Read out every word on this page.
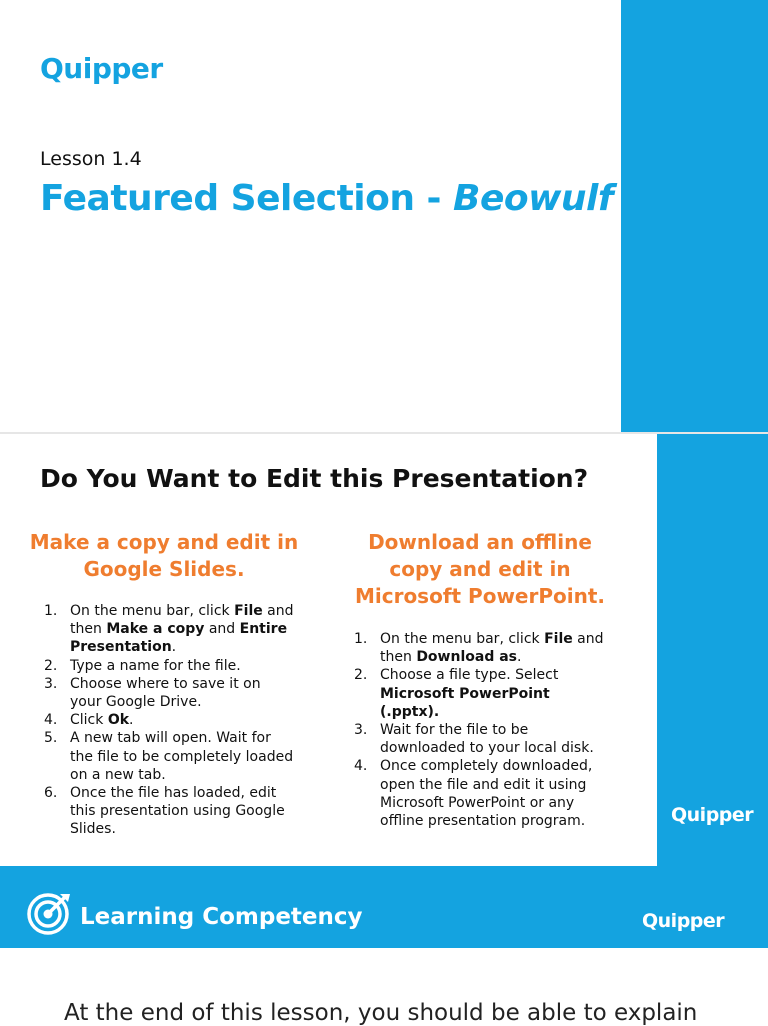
Quipper
Lesson 1.4
Featured Selection - Beowulf
Do You Want to Edit this Presentation?
Make a copy and edit in Google Slides.
1. On the menu bar, click File and then Make a copy and Entire Presentation.
2. Type a name for the file.
3. Choose where to save it on your Google Drive.
4. Click Ok.
5. A new tab will open. Wait for the file to be completely loaded on a new tab.
6. Once the file has loaded, edit this presentation using Google Slides.
Download an offline copy and edit in Microsoft PowerPoint.
1. On the menu bar, click File and then Download as.
2. Choose a file type. Select Microsoft PowerPoint (.pptx).
3. Wait for the file to be downloaded to your local disk.
4. Once completely downloaded, open the file and edit it using Microsoft PowerPoint or any offline presentation program.	Quipper
Learning Competency	Quipper
At the end of this lesson, you should be able to explain
